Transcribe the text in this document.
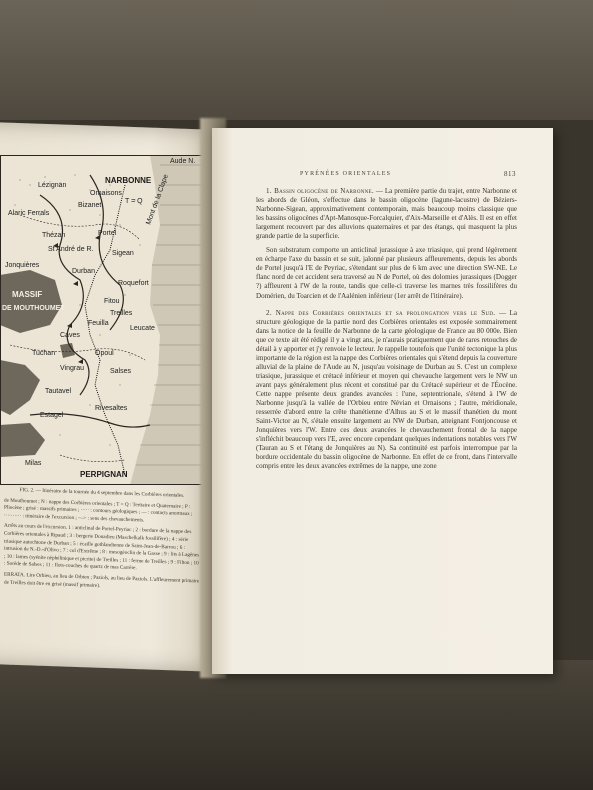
Aude N.
NARBONNE
Lézignan
Ornaisons
Bizanet
Alaric Ferrals
T = Q Mont de la Clape
Thézan	Portel
St André de R.
Sigean
Jonquières
Durban
Roquefort
MASSIF
DE MOUTHOUMET
Fitou
Treilles
Feuilla
Leucate
Caves
Tuchan	Opoul
Vingrau	Salses
Tautavel
Estagel
Rivesaltes
Milas
PERPIGNAN

FIG. 2. — Itinéraire de la tournée du 4 septembre dans les Corbières orientales.

de Mouthoumet ; N : nappe des Corbières orientales ; T = Q : Tertiaire et Quaternaire ; P : Pliocène ; grisé : massifs primaires ; ····· : contours géologiques ; — : contacts anormaux ; ·········· : itinéraire de l'excursion ; —> : sens des chevauchements.

Arrêts au cours de l'excursion. 1 : anticlinal de Portel-Peyriac ; 2 : bordure de la nappe des Corbières orientales à Ripaud ; 3 : bergerie Donadieu (Maschelkalk fossilifère) ; 4 : série triasique autochtone de Durban ; 5 : écaille gothlandienne de Saint-Jean-de-Barrou ; 6 : intrusion de N.-D.-d'Olivo ; 7 : col d'Extrême ; 8 : mesogéoclin de la Gasse ; 9 : lits à Lagènes ; 10 : lames (syénite néphélinique et picrite) de Treilles ; 11 : ferme de Treilles ; 9 : Filton ; 10 : Sorède de Salses ; 11 : Ilots-couches de quartz de mas Carrère.

ERRATA. Lire Orbieu, au lieu de Orbien ; Paziols, au lieu de Paziols. L'affleurement primaire de Treilles doit être en grisé (massif primaire).

PYRÉNÉES ORIENTALES	813

1. Bassin oligocène de Narbonne. — La première partie du trajet, entre Narbonne et les abords de Gléon, s'effectue dans le bassin oligocène (lagune-lacustre) de Béziers-Narbonne-Sigean, approximativement contemporain, mais beaucoup moins classique que les bassins oligocènes d'Apt-Manosque-Forcalquier, d'Aix-Marseille et d'Alès. Il est en effet largement recouvert par des alluvions quaternaires et par des étangs, qui masquent la plus grande partie de la superficie.

Son substratum comporte un anticlinal jurassique à axe triasique, qui prend légèrement en écharpe l'axe du bassin et se suit, jalonné par plusieurs affleurements, depuis les abords de Portel jusqu'à l'E de Peyriac, s'étendant sur plus de 6 km avec une direction SW-NE. Le flanc nord de cet accident sera traversé au N de Portel, où des dolomies jurassiques (Dogger ?) affleurent à l'W de la route, tandis que celle-ci traverse les marnes très fossilifères du Domérien, du Toarcien et de l'Aalénien inférieur (1er arrêt de l'itinéraire).

2. Nappe des Corbières orientales et sa prolongation vers le Sud. — La structure géologique de la partie nord des Corbières orientales est exposée sommairement dans la notice de la feuille de Narbonne de la carte géologique de France au 80 000e. Bien que ce texte ait été rédigé il y a vingt ans, je n'aurais pratiquement que de rares retouches de détail à y apporter et j'y renvoie le lecteur. Je rappelle toutefois que l'unité tectonique la plus importante de la région est la nappe des Corbières orientales qui s'étend depuis la couverture alluvial de la plaine de l'Aude au N, jusqu'au voisinage de Durban au S. C'est un complexe triasique, jurassique et crétacé inférieur et moyen qui chevauche largement vers le NW un avant pays généralement plus récent et constitué par du Crétacé supérieur et de l'Éocène. Cette nappe présente deux grandes avancées : l'une, septentrionale, s'étend à l'W de Narbonne jusqu'à la vallée de l'Orbieu entre Névian et Ornaisons ; l'autre, méridionale, resserrée d'abord entre la crête thanétienne d'Alhus au S et le massif thanétien du mont Saint-Victor au N, s'étale ensuite largement au NW de Durban, atteignant Fontjoncouse et Jonquières vers l'W. Entre ces deux avancées le chevauchement frontal de la nappe s'infléchit beaucoup vers l'E, avec encore cependant quelques indentations notables vers l'W (Tauran au S et l'étang de Jonquières au N). Sa continuité est parfois interrompue par la bordure occidentale du bassin oligocène de Narbonne. En effet de ce front, dans l'intervalle compris entre les deux avancées extrêmes de la nappe, une zone
